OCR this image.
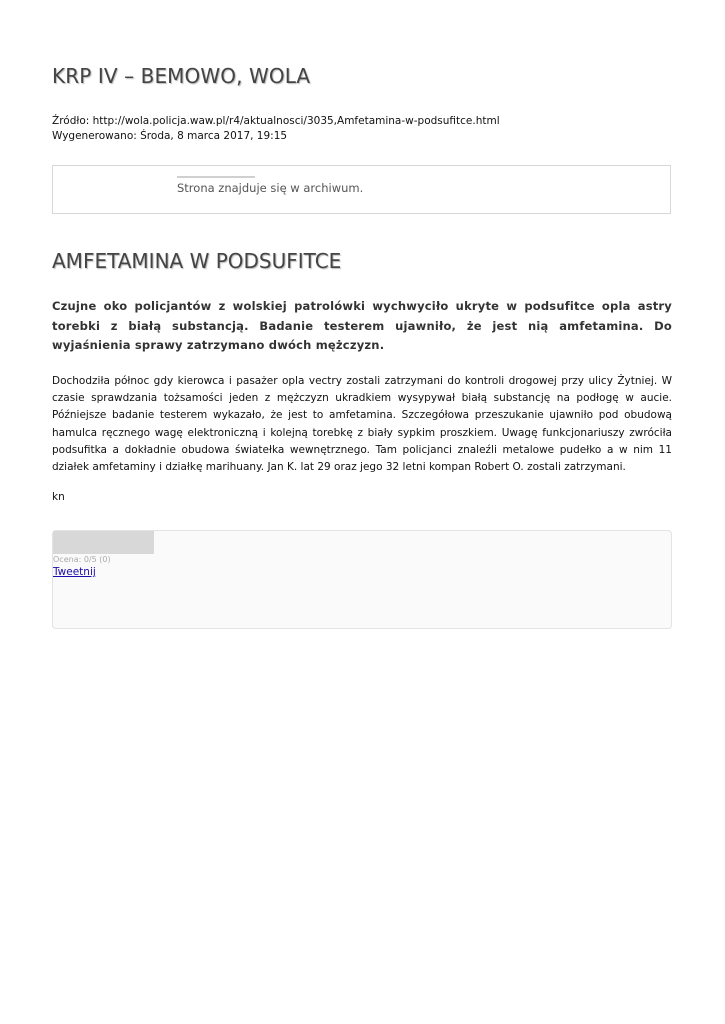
KRP IV – BEMOWO, WOLA
Źródło: http://wola.policja.waw.pl/r4/aktualnosci/3035,Amfetamina-w-podsufitce.html
Wygenerowano: Środa, 8 marca 2017, 19:15
Strona znajduje się w archiwum.
AMFETAMINA W PODSUFITCE

Czujne oko policjantów z wolskiej patrolówki wychwyciło ukryte w podsufitce opla astry torebki z białą substancją. Badanie testerem ujawniło, że jest nią amfetamina. Do wyjaśnienia sprawy zatrzymano dwóch mężczyzn.

Dochodziła północ gdy kierowca i pasażer opla vectry zostali zatrzymani do kontroli drogowej przy ulicy Żytniej. W czasie sprawdzania tożsamości jeden z mężczyzn ukradkiem wysypywał białą substancję na podłogę w aucie. Późniejsze badanie testerem wykazało, że jest to amfetamina. Szczegółowa przeszukanie ujawniło pod obudową hamulca ręcznego wagę elektroniczną i kolejną torebkę z biały sypkim proszkiem. Uwagę funkcjonariuszy zwróciła podsufitka a dokładnie obudowa światełka wewnętrznego. Tam policjanci znaleźli metalowe pudełko a w nim 11 działek amfetaminy i działkę marihuany. Jan K. lat 29 oraz jego 32 letni kompan Robert O. zostali zatrzymani.

kn

Ocena: 0/5 (0)
Tweetnij
